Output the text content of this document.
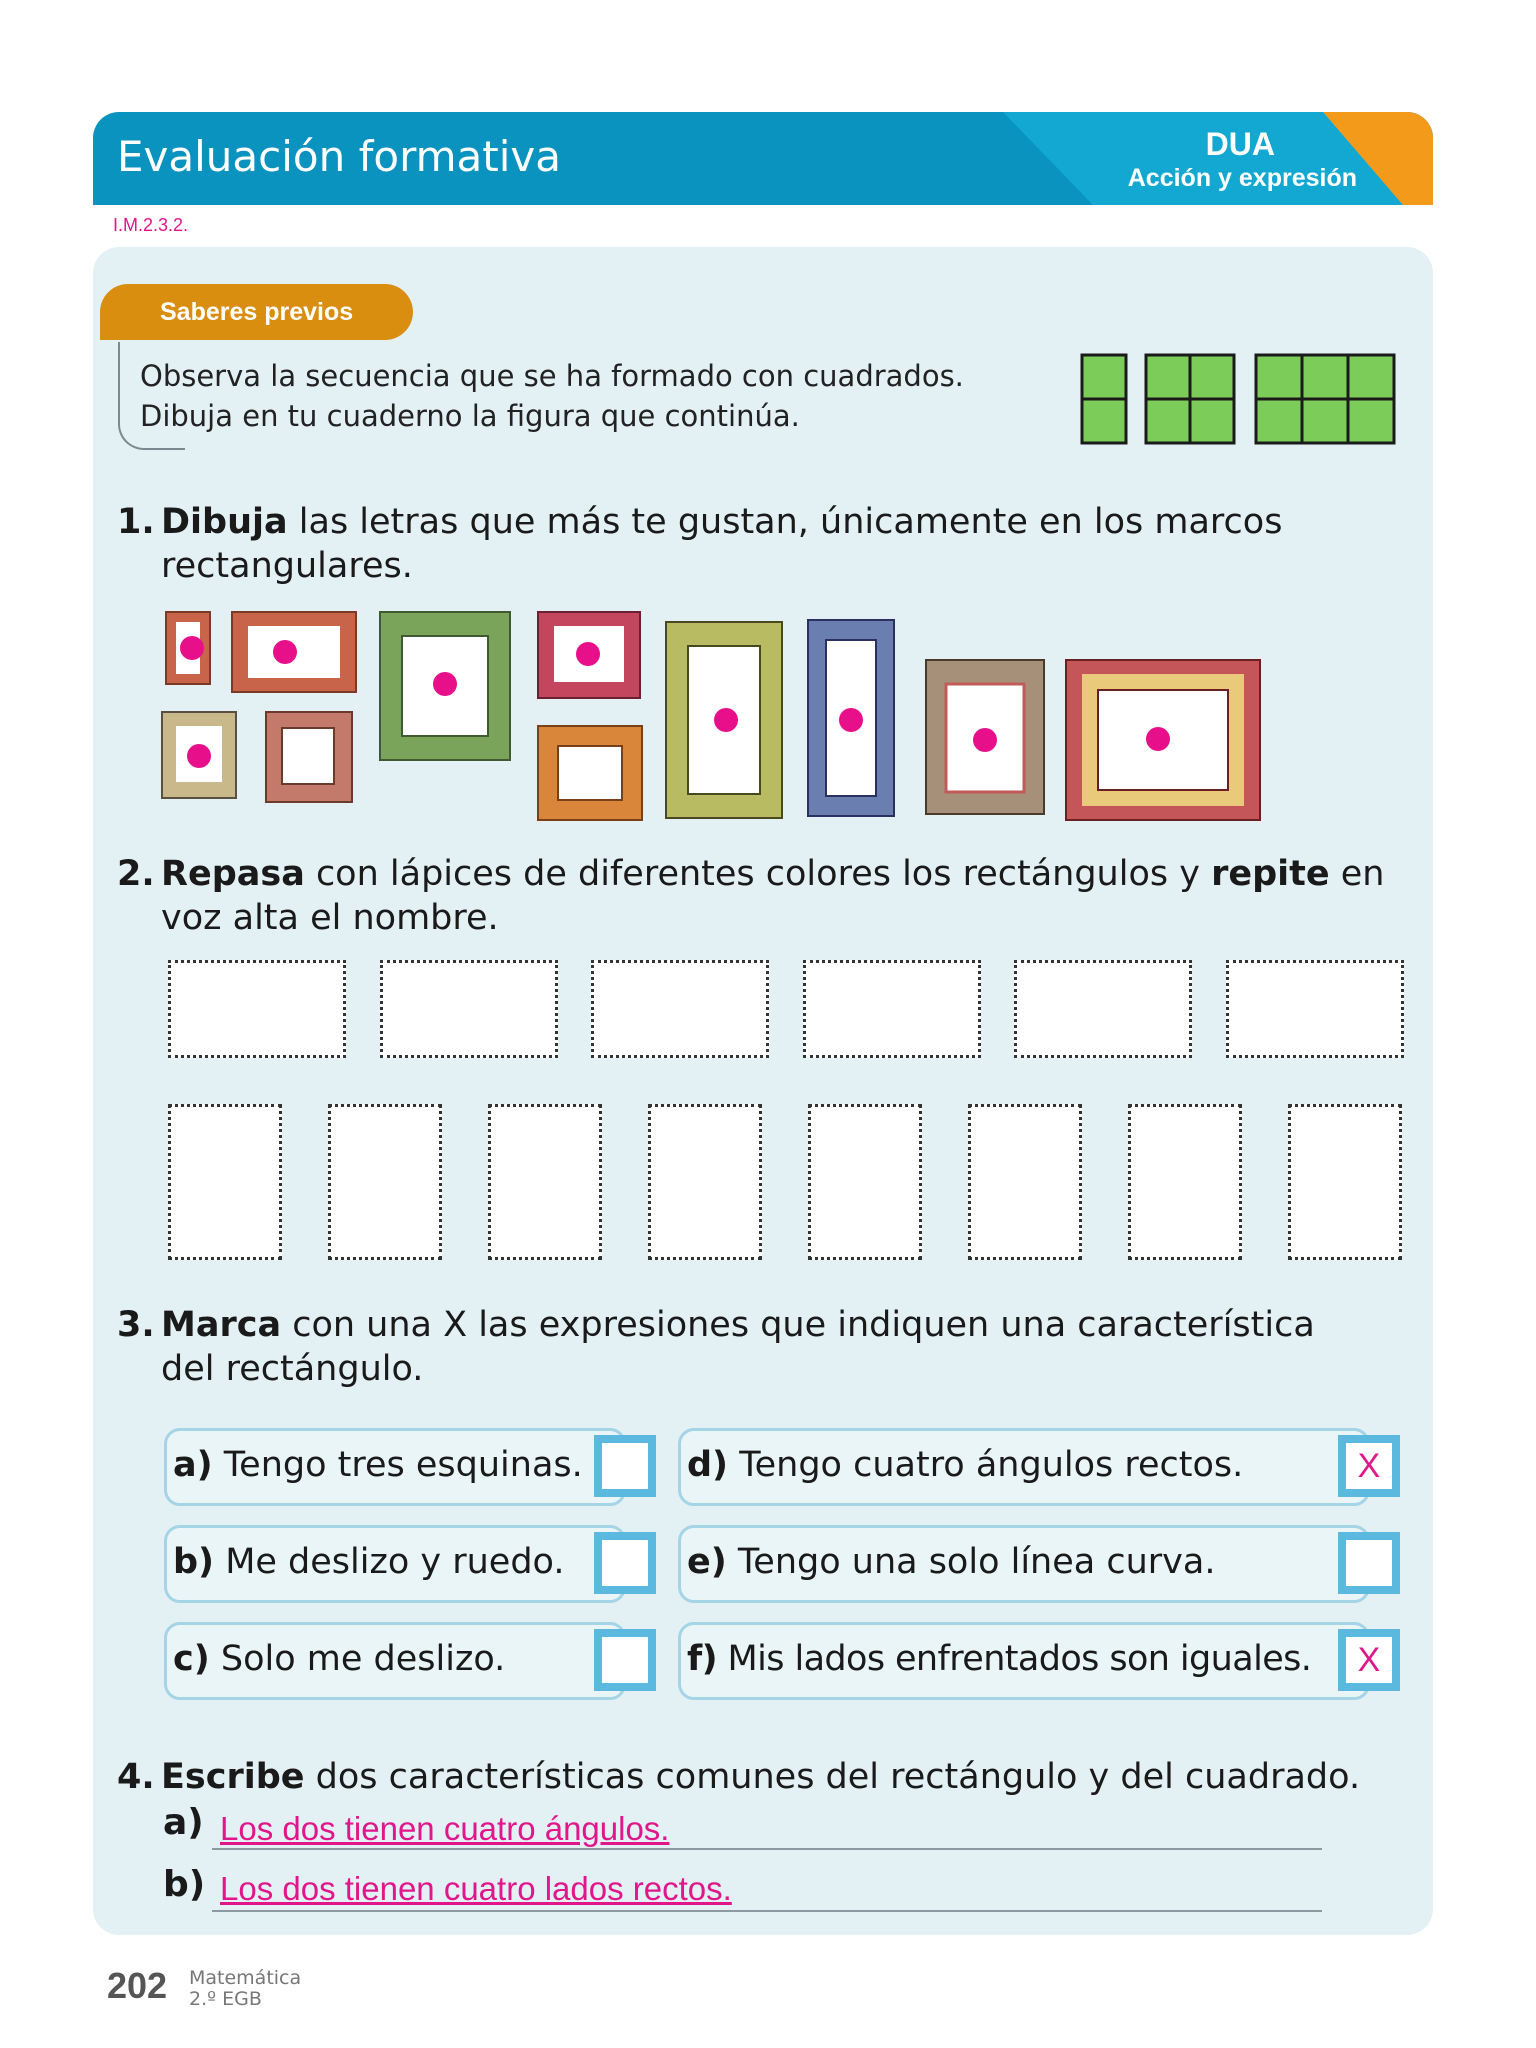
Evaluación formativa	DUA
Acción y expresión
I.M.2.3.2.
Saberes previos
Observa la secuencia que se ha formado con cuadrados.
Dibuja en tu cuaderno la figura que continúa.
1. Dibuja las letras que más te gustan, únicamente en los marcos
rectangulares.
2. Repasa con lápices de diferentes colores los rectángulos y repite en
voz alta el nombre.
3. Marca con una X las expresiones que indiquen una característica
del rectángulo.
a) Tengo tres esquinas.
b) Me deslizo y ruedo.
c) Solo me deslizo.
d) Tengo cuatro ángulos rectos.	X
e) Tengo una solo línea curva.
f) Mis lados enfrentados son iguales.	X
4. Escribe dos características comunes del rectángulo y del cuadrado.
a) Los dos tienen cuatro ángulos.
b) Los dos tienen cuatro lados rectos.
202 Matemática
2.º EGB
